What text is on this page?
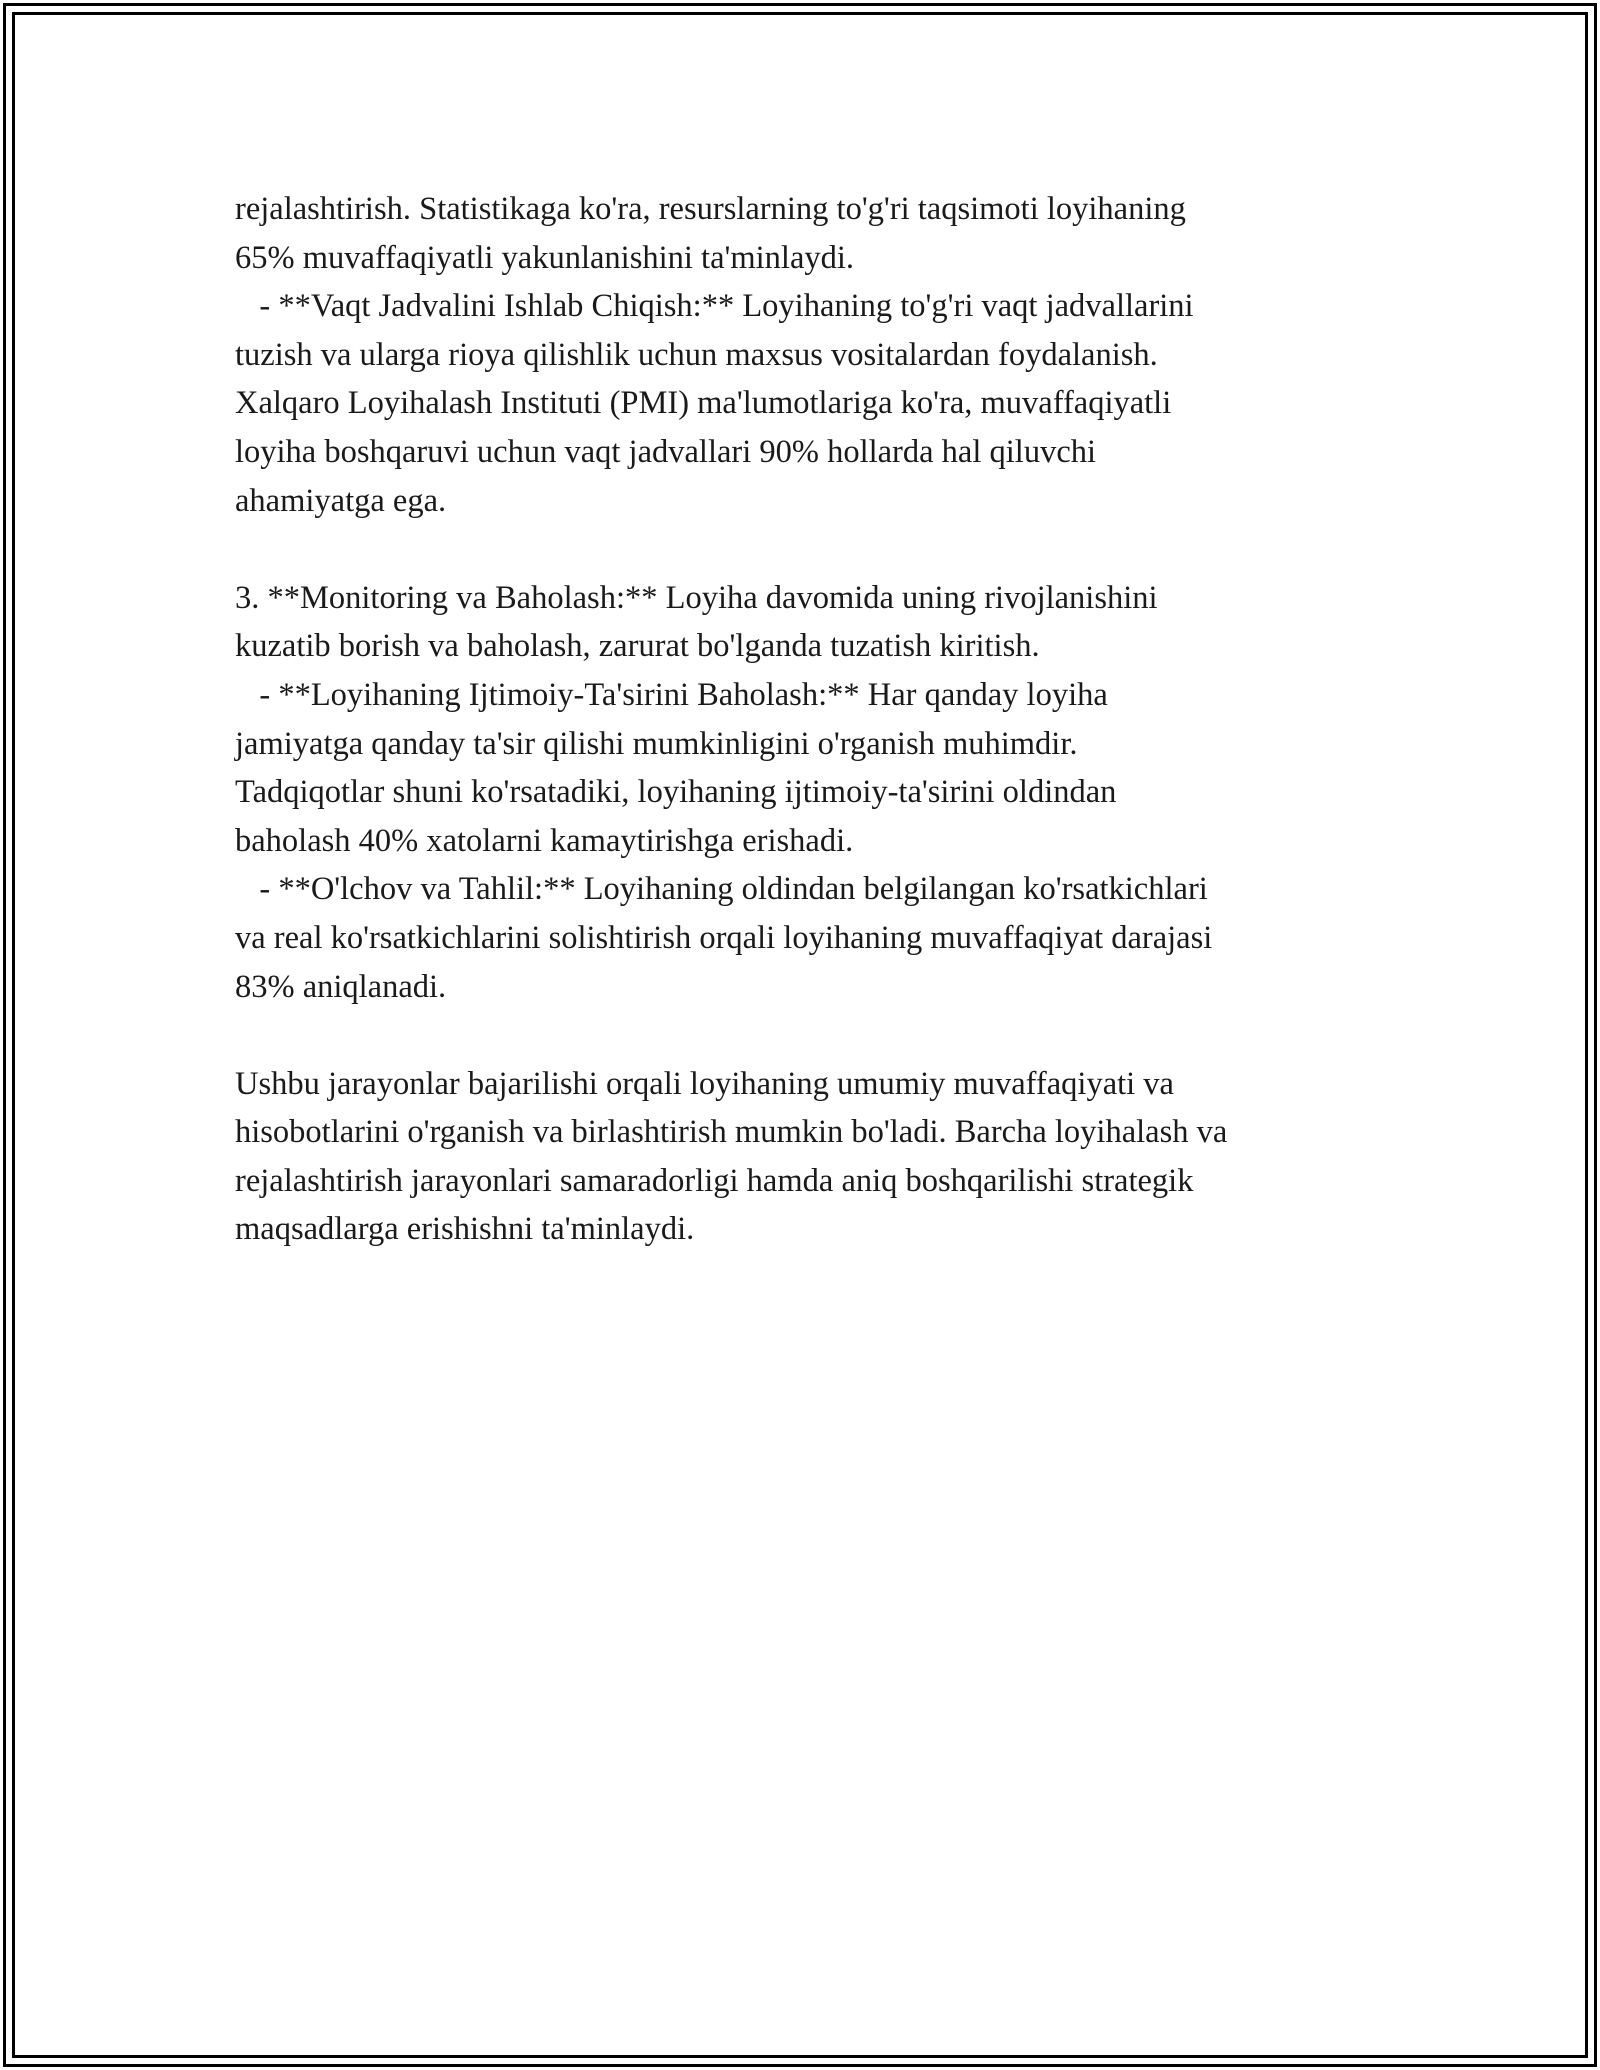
rejalashtirish. Statistikaga ko'ra, resurslarning to'g'ri taqsimoti loyihaning
65% muvaffaqiyatli yakunlanishini ta'minlaydi.
- **Vaqt Jadvalini Ishlab Chiqish:** Loyihaning to'g'ri vaqt jadvallarini
tuzish va ularga rioya qilishlik uchun maxsus vositalardan foydalanish.
Xalqaro Loyihalash Instituti (PMI) ma'lumotlariga ko'ra, muvaffaqiyatli
loyiha boshqaruvi uchun vaqt jadvallari 90% hollarda hal qiluvchi
ahamiyatga ega.
3. **Monitoring va Baholash:** Loyiha davomida uning rivojlanishini
kuzatib borish va baholash, zarurat bo'lganda tuzatish kiritish.
- **Loyihaning Ijtimoiy-Ta'sirini Baholash:** Har qanday loyiha
jamiyatga qanday ta'sir qilishi mumkinligini o'rganish muhimdir.
Tadqiqotlar shuni ko'rsatadiki, loyihaning ijtimoiy-ta'sirini oldindan
baholash 40% xatolarni kamaytirishga erishadi.
- **O'lchov va Tahlil:** Loyihaning oldindan belgilangan ko'rsatkichlari
va real ko'rsatkichlarini solishtirish orqali loyihaning muvaffaqiyat darajasi
83% aniqlanadi.
Ushbu jarayonlar bajarilishi orqali loyihaning umumiy muvaffaqiyati va
hisobotlarini o'rganish va birlashtirish mumkin bo'ladi. Barcha loyihalash va
rejalashtirish jarayonlari samaradorligi hamda aniq boshqarilishi strategik
maqsadlarga erishishni ta'minlaydi.
